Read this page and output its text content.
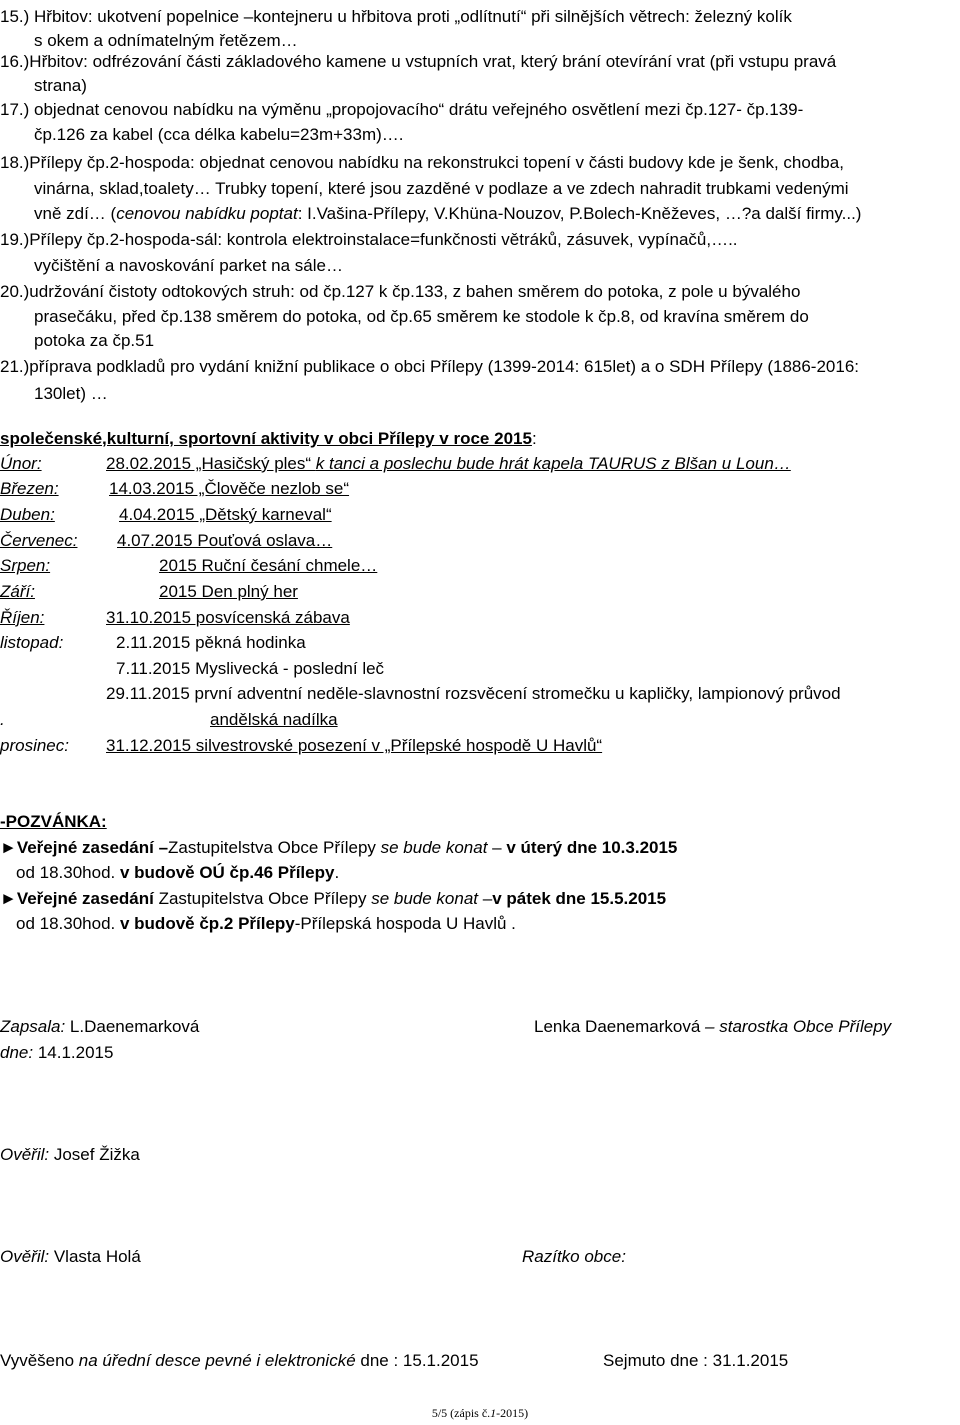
15.) Hřbitov: ukotvení popelnice –kontejneru u hřbitova proti „odlítnutí“ při silnějších větrech: železný kolík
s okem a odnímatelným řetězem…
16.)Hřbitov: odfrézování části základového kamene u vstupních vrat, který brání otevírání vrat (při vstupu pravá
strana)
17.) objednat cenovou nabídku na výměnu „propojovacího“ drátu veřejného osvětlení mezi čp.127- čp.139-
čp.126 za kabel (cca délka kabelu=23m+33m)….
18.)Přílepy čp.2-hospoda: objednat cenovou nabídku na rekonstrukci topení v části budovy kde je šenk, chodba,
vinárna, sklad,toalety… Trubky topení, které jsou zazděné v podlaze a ve zdech nahradit trubkami vedenými
vně zdí… (cenovou nabídku poptat: I.Vašina-Přílepy, V.Khüna-Nouzov, P.Bolech-Kněževes, …?a další firmy...)
19.)Přílepy čp.2-hospoda-sál: kontrola elektroinstalace=funkčnosti větráků, zásuvek, vypínačů,…..
vyčištění a navoskování parket na sále…
20.)udržování čistoty odtokových struh: od čp.127 k čp.133, z bahen směrem do potoka, z pole u bývalého
prasečáku, před čp.138 směrem do potoka, od čp.65 směrem ke stodole k čp.8, od kravína směrem do
potoka za čp.51
21.)příprava podkladů pro vydání knižní publikace o obci Přílepy (1399-2014: 615let) a o SDH Přílepy (1886-2016:
130let) …
společenské,kulturní, sportovní aktivity v obci Přílepy v roce 2015:
Únor:	28.02.2015 „Hasičský ples“ k tanci a poslechu bude hrát kapela TAURUS z Blšan u Loun…
Březen:	14.03.2015 „Člověče nezlob se“
Duben:	4.04.2015 „Dětský karneval“
Červenec: 4.07.2015 Pouťová oslava…
Srpen:	2015 Ruční česání chmele…
Září:	2015 Den plný her
Říjen:	31.10.2015 posvícenská zábava
listopad:	2.11.2015 pěkná hodinka
7.11.2015 Myslivecká - poslední leč
29.11.2015 první adventní neděle-slavnostní rozsvěcení stromečku u kapličky, lampionový průvod
.	andělská nadílka
prosinec: 31.12.2015 silvestrovské posezení v „Přílepské hospodě U Havlů“
-POZVÁNKA:
►Veřejné zasedání –Zastupitelstva Obce Přílepy se bude konat – v úterý dne 10.3.2015
od 18.30hod. v budově OÚ čp.46 Přílepy.
►Veřejné zasedání Zastupitelstva Obce Přílepy se bude konat –v pátek dne 15.5.2015
od 18.30hod. v budově čp.2 Přílepy-Přílepská hospoda U Havlů .
Zapsala: L.Daenemarková	Lenka Daenemarková – starostka Obce Přílepy
dne: 14.1.2015
Ověřil: Josef Žižka
Ověřil: Vlasta Holá	Razítko obce:
Vyvěšeno na úřední desce pevné i elektronické dne : 15.1.2015	Sejmuto dne : 31.1.2015
5/5 (zápis č.1-2015)
